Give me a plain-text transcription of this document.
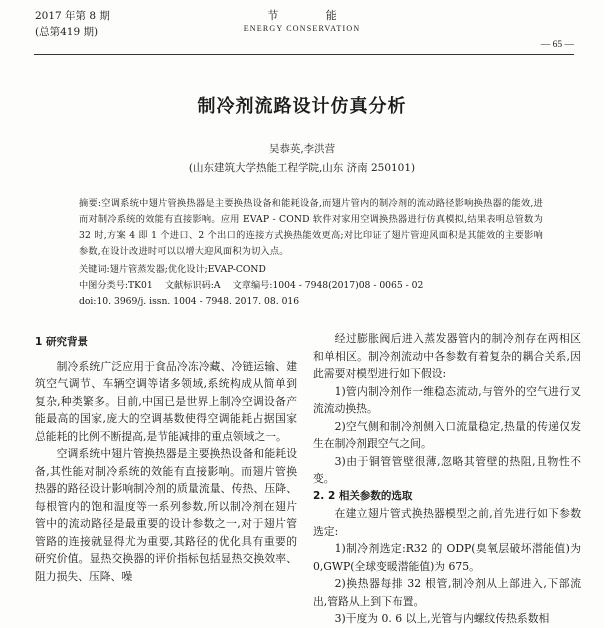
2017 年第 8 期
(总第419 期)
节 能
ENERGY CONSERVATION
— 65 —
制冷剂流路设计仿真分析
吴恭英,李洪营
(山东建筑大学热能工程学院,山东 济南 250101)
摘要:空调系统中翅片管换热器是主要换热设备和能耗设备,而翅片管内的制冷剂的流动路径影响换热器的能效,进而对制冷系统的效能有直接影响。应用 EVAP - COND 软件对家用空调换热器进行仿真模拟,结果表明总管数为 32 时,方案 4 即 1 个进口、2 个出口的连接方式换热能效更高;对比印证了翅片管迎风面积是其能效的主要影响参数,在设计改进时可以以增大迎风面积为切入点。
关键词:翅片管蒸发器;优化设计;EVAP-COND
中图分类号:TK01　 文献标识码:A　 文章编号:1004 - 7948(2017)08 - 0065 - 02
doi:10. 3969/j. issn. 1004 - 7948. 2017. 08. 016
1 研究背景

制冷系统广泛应用于食品冷冻冷藏、冷链运输、建筑空气调节、车辆空调等诸多领域,系统构成从简单到复杂,种类繁多。目前,中国已是世界上制冷空调设备产能最高的国家,庞大的空调基数使得空调能耗占据国家总能耗的比例不断提高,是节能减排的重点领域之一。

空调系统中翅片管换热器是主要换热设备和能耗设备,其性能对制冷系统的效能有直接影响。而翅片管换热器的路径设计影响制冷剂的质量流量、传热、压降、每根管内的饱和温度等一系列参数,所以制冷剂在翅片管中的流动路径是最重要的设计参数之一,对于翅片管管路的连接就显得尤为重要,其路径的优化具有重要的研究价值。显热交换器的评价指标包括显热交换效率、阻力损失、压降、噪

经过膨胀阀后进入蒸发器管内的制冷剂存在两相区和单相区。制冷剂流动中各参数有着复杂的耦合关系,因此需要对模型进行如下假设:

1)管内制冷剂作一维稳态流动,与管外的空气进行叉流流动换热。

2)空气侧和制冷剂侧入口流量稳定,热量的传递仅发生在制冷剂跟空气之间。

3)由于铜管管壁很薄,忽略其管壁的热阻,且物性不变。

2. 2 相关参数的选取

在建立翅片管式换热器模型之前,首先进行如下参数选定:

1)制冷剂选定:R32 的 ODP(臭氧层破坏潜能值)为 0,GWP(全球变暖潜能值)为 675。

2)换热器每排 32 根管,制冷剂从上部进入,下部流出,管路从上到下布置。

3)干度为 0. 6 以上,光管与内螺纹传热系数相
